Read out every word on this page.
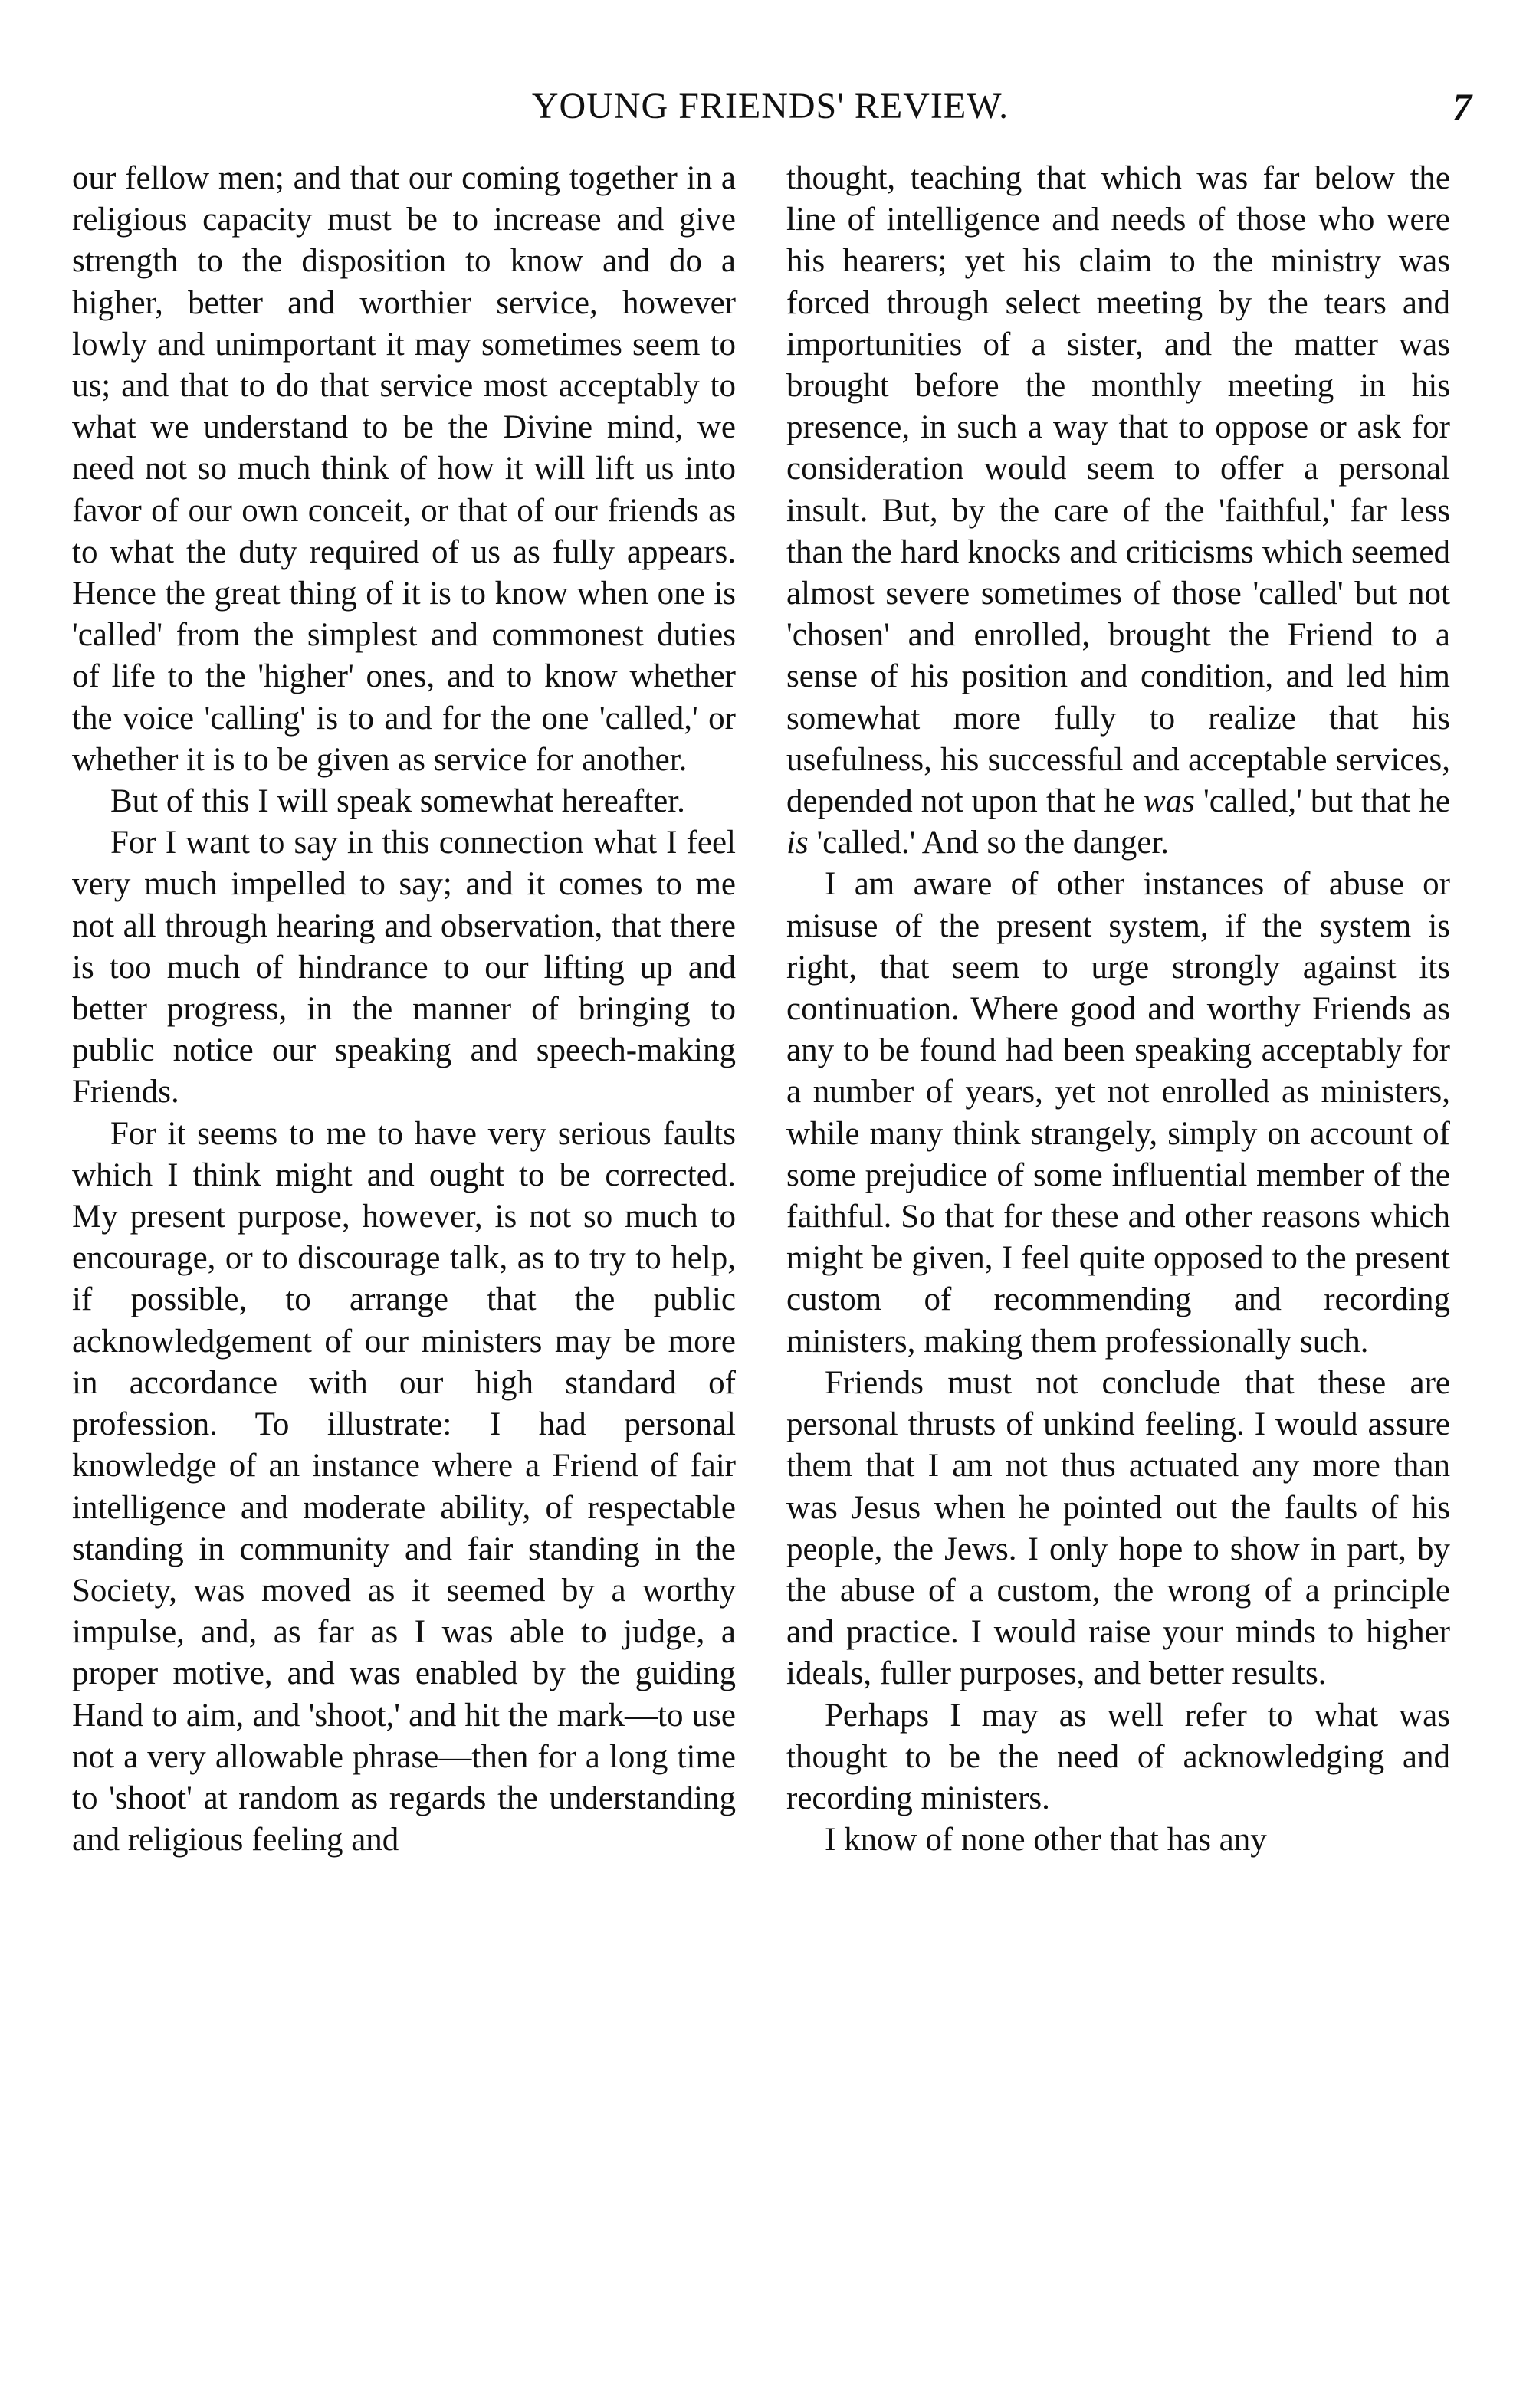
YOUNG FRIENDS' REVIEW.	7

our fellow men; and that our coming together in a religious capacity must be to increase and give strength to the disposition to know and do a higher, better and worthier service, however lowly and unimportant it may sometimes seem to us; and that to do that service most acceptably to what we understand to be the Divine mind, we need not so much think of how it will lift us into favor of our own conceit, or that of our friends as to what the duty required of us as fully appears. Hence the great thing of it is to know when one is 'called' from the simplest and commonest duties of life to the 'higher' ones, and to know whether the voice 'calling' is to and for the one 'called,' or whether it is to be given as service for another.

But of this I will speak somewhat hereafter.

For I want to say in this connection what I feel very much impelled to say; and it comes to me not all through hearing and observation, that there is too much of hindrance to our lifting up and better progress, in the manner of bringing to public notice our speaking and speech-making Friends.

For it seems to me to have very serious faults which I think might and ought to be corrected. My present purpose, however, is not so much to encourage, or to discourage talk, as to try to help, if possible, to arrange that the public acknowledgement of our ministers may be more in accordance with our high standard of profession. To illustrate: I had personal knowledge of an instance where a Friend of fair intelligence and moderate ability, of respectable standing in community and fair standing in the Society, was moved as it seemed by a worthy impulse, and, as far as I was able to judge, a proper motive, and was enabled by the guiding Hand to aim, and 'shoot,' and hit the mark—to use not a very allowable phrase—then for a long time to 'shoot' at random as regards the understanding and religious feeling and

thought, teaching that which was far below the line of intelligence and needs of those who were his hearers; yet his claim to the ministry was forced through select meeting by the tears and importunities of a sister, and the matter was brought before the monthly meeting in his presence, in such a way that to oppose or ask for consideration would seem to offer a personal insult. But, by the care of the 'faithful,' far less than the hard knocks and criticisms which seemed almost severe sometimes of those 'called' but not 'chosen' and enrolled, brought the Friend to a sense of his position and condition, and led him somewhat more fully to realize that his usefulness, his successful and acceptable services, depended not upon that he was 'called,' but that he is 'called.' And so the danger.

I am aware of other instances of abuse or misuse of the present system, if the system is right, that seem to urge strongly against its continuation. Where good and worthy Friends as any to be found had been speaking acceptably for a number of years, yet not enrolled as ministers, while many think strangely, simply on account of some prejudice of some influential member of the faithful. So that for these and other reasons which might be given, I feel quite opposed to the present custom of recommending and recording ministers, making them professionally such.

Friends must not conclude that these are personal thrusts of unkind feeling. I would assure them that I am not thus actuated any more than was Jesus when he pointed out the faults of his people, the Jews. I only hope to show in part, by the abuse of a custom, the wrong of a principle and practice. I would raise your minds to higher ideals, fuller purposes, and better results.

Perhaps I may as well refer to what was thought to be the need of acknowledging and recording ministers.

I know of none other that has any
